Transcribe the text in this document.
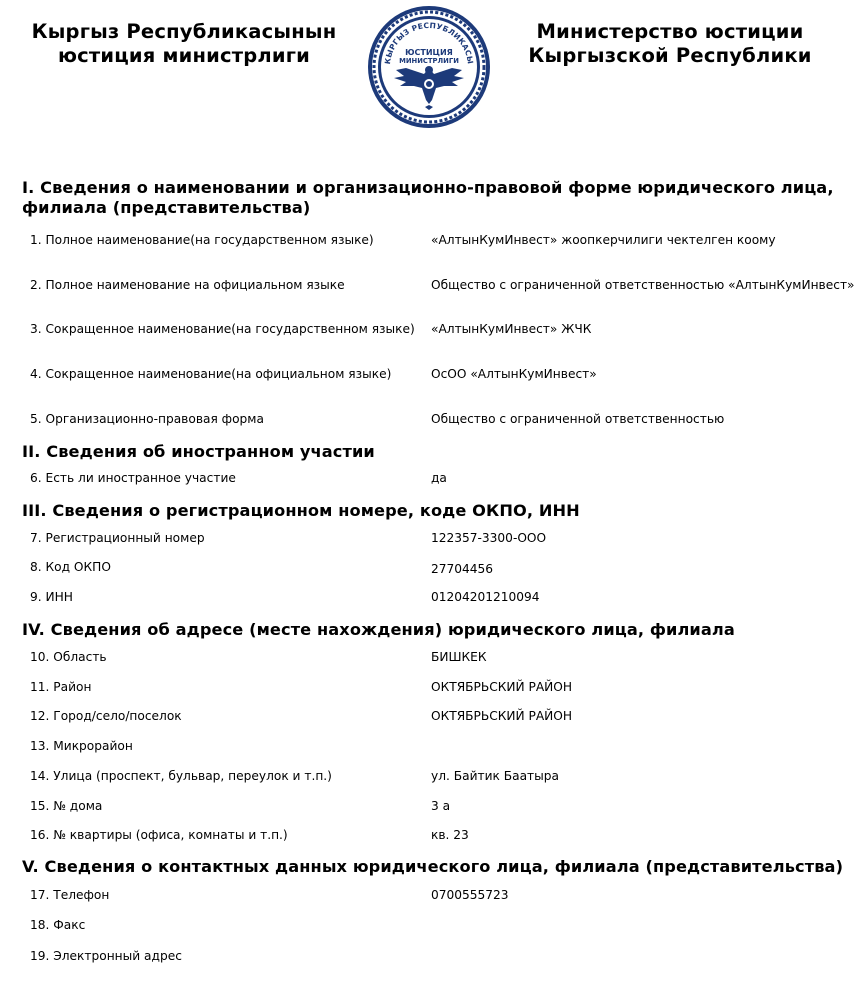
Кыргыз Республикасынын
юстиция министрлиги	КЫРГЫЗ РЕСПУБЛИКАСЫ
ЮСТИЦИЯ
МИНИСТРЛИГИ
Министерство юстиции
Кыргызской Республики
I. Сведения о наименовании и организационно-правовой форме юридического лица,
филиала (представительства)
1. Полное наименование(на государственном языке)	«АлтынКумИнвест» жоопкерчилиги чектелген коому
2. Полное наименование на официальном языке	Общество с ограниченной ответственностью «АлтынКумИнвест»
3. Сокращенное наименование(на государственном языке) «АлтынКумИнвест» ЖЧК
4. Сокращенное наименование(на официальном языке)	ОсОО «АлтынКумИнвест»
5. Организационно-правовая форма	Общество с ограниченной ответственностью
II. Сведения об иностранном участии
6. Есть ли иностранное участие	да
III. Сведения о регистрационном номере, коде ОКПО, ИНН
7. Регистрационный номер	122357-3300-ООО
8. Код ОКПО	27704456
9. ИНН	01204201210094
IV. Сведения об адресе (месте нахождения) юридического лица, филиала
10. Область	БИШКЕК
11. Район	ОКТЯБРЬСКИЙ РАЙОН
12. Город/село/поселок	ОКТЯБРЬСКИЙ РАЙОН
13. Микрорайон
14. Улица (проспект, бульвар, переулок и т.п.)	ул. Байтик Баатыра
15. № дома	3 а
16. № квартиры (офиса, комнаты и т.п.)	кв. 23
V. Сведения о контактных данных юридического лица, филиала (представительства)
17. Телефон	0700555723
18. Факс
19. Электронный адрес
